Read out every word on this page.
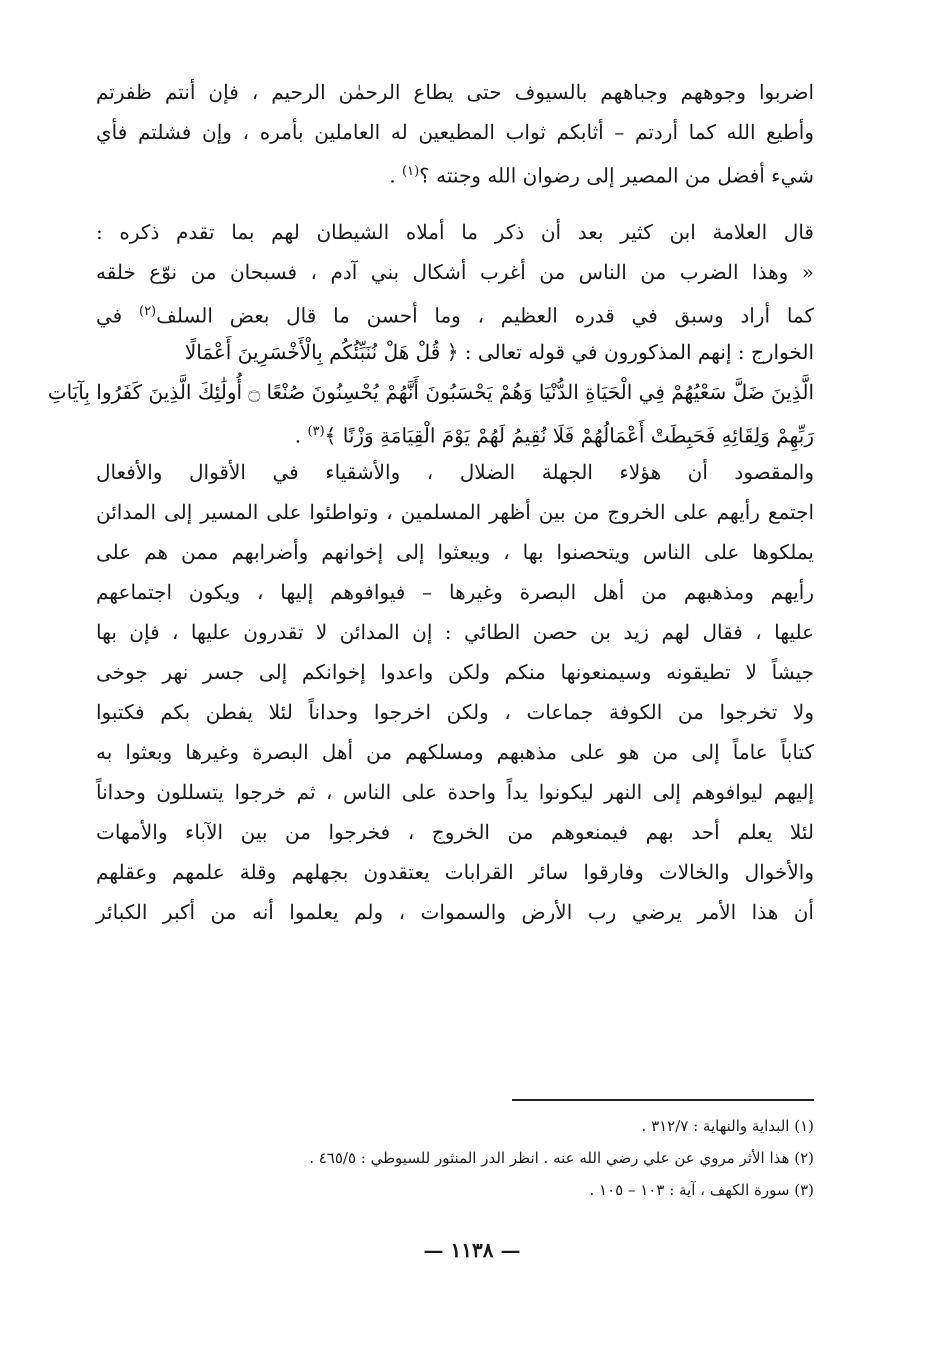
اضربوا وجوههم وجباههم بالسيوف حتى يطاع الرحمٰن الرحيم ، فإن أنتم ظفرتم
وأطيع الله كما أردتم – أثابكم ثواب المطيعين له العاملين بأمره ، وإن فشلتم فأي
شيء أفضل من المصير إلى رضوان الله وجنته ؟$^{(١)}$ .
قال العلامة ابن كثير بعد أن ذكر ما أملاه الشيطان لهم بما تقدم ذكره :
« وهذا الضرب من الناس من أغرب أشكال بني آدم ، فسبحان من نوّع خلقه
كما أراد وسبق في قدره العظيم ، وما أحسن ما قال بعض السلف$^{(٢)}$ في
الخوارج : إنهم المذكورون في قوله تعالى : ﴿ قُلْ هَلْ نُنَبِّئُكُم بِالْأَخْسَرِينَ أَعْمَالًا
الَّذِينَ ضَلَّ سَعْيُهُمْ فِي الْحَيَاةِ الدُّنْيَا وَهُمْ يَحْسَبُونَ أَنَّهُمْ يُحْسِنُونَ صُنْعًا ۝ أُولَٰئِكَ الَّذِينَ كَفَرُوا بِآيَاتِ
رَبِّهِمْ وَلِقَائِهِ فَحَبِطَتْ أَعْمَالُهُمْ فَلَا نُقِيمُ لَهُمْ يَوْمَ الْقِيَامَةِ وَزْنًا ﴾$^{(٣)}$ .
والمقصود أن هؤلاء الجهلة الضلال ، والأشقياء في الأقوال والأفعال
اجتمع رأيهم على الخروج من بين أظهر المسلمين ، وتواطئوا على المسير إلى المدائن
يملكوها على الناس ويتحصنوا بها ، ويبعثوا إلى إخوانهم وأضرابهم ممن هم على
رأيهم ومذهبهم من أهل البصرة وغيرها – فيوافوهم إليها ، ويكون اجتماعهم
عليها ، فقال لهم زيد بن حصن الطائي : إن المدائن لا تقدرون عليها ، فإن بها
جيشاً لا تطيقونه وسيمنعونها منكم ولكن واعدوا إخوانكم إلى جسر نهر جوخى
ولا تخرجوا من الكوفة جماعات ، ولكن اخرجوا وحداناً لئلا يفطن بكم فكتبوا
كتاباً عاماً إلى من هو على مذهبهم ومسلكهم من أهل البصرة وغيرها وبعثوا به
إليهم ليوافوهم إلى النهر ليكونوا يداً واحدة على الناس ، ثم خرجوا يتسللون وحداناً
لئلا يعلم أحد بهم فيمنعوهم من الخروج ، فخرجوا من بين الآباء والأمهات
والأخوال والخالات وفارقوا سائر القرابات يعتقدون بجهلهم وقلة علمهم وعقلهم
أن هذا الأمر يرضي رب الأرض والسموات ، ولم يعلموا أنه من أكبر الكبائر
(١) البداية والنهاية : ٣١٢/٧ .
(٢) هذا الأثر مروي عن علي رضي الله عنه . انظر الدر المنثور للسيوطي : ٤٦٥/٥ .
(٣) سورة الكهف ، آية : ١٠٣ – ١٠٥ .
— ١١٣٨ —
